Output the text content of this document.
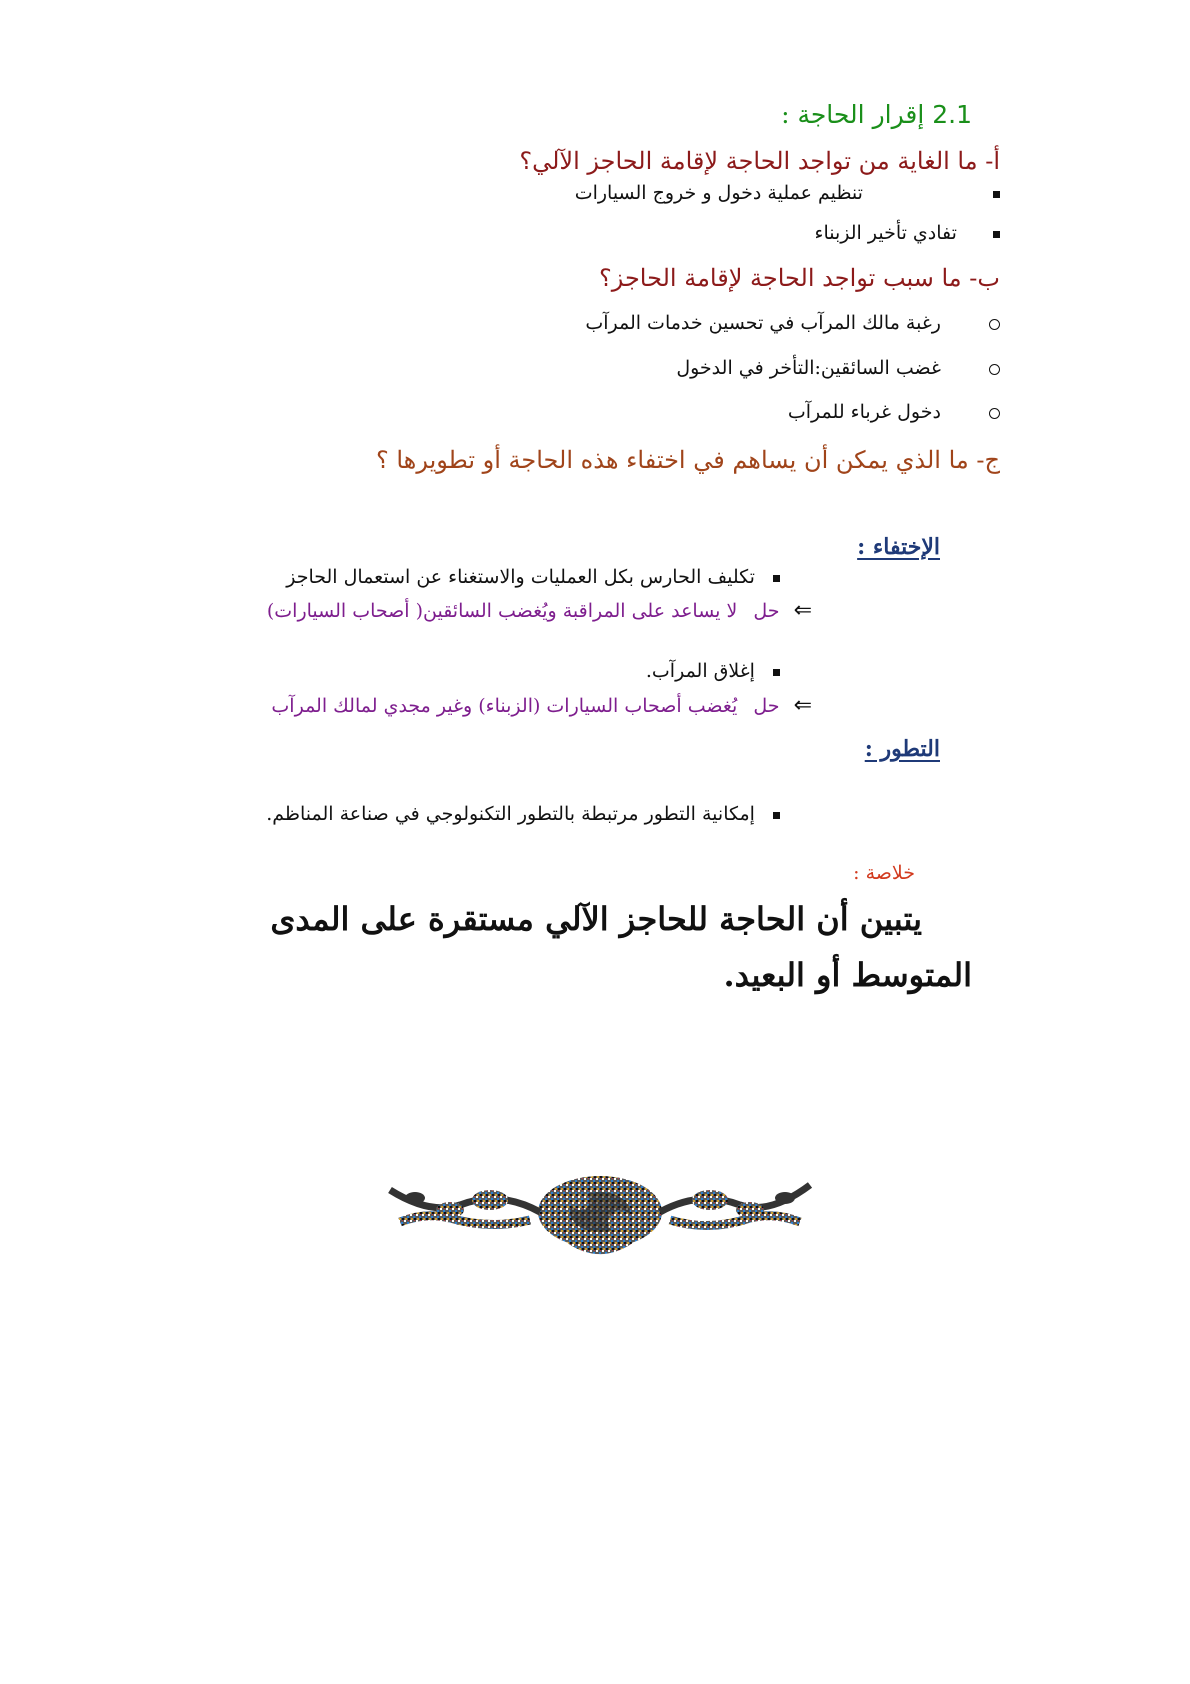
2.1 إقرار الحاجة :
أ- ما الغاية من تواجد الحاجة لإقامة الحاجز الآلي؟
تنظيم عملية دخول و خروج السيارات
تفادي تأخير الزبناء
ب- ما سبب تواجد الحاجة لإقامة الحاجز؟
رغبة مالك المرآب في تحسين خدمات المرآب
غضب السائقين:التأخر في الدخول
دخول غرباء للمرآب
ج- ما الذي يمكن أن يساهم في اختفاء هذه الحاجة أو تطويرها ؟
الإختفاء :
تكليف الحارس بكل العمليات والاستغناء عن استعمال الحاجز
⇐ حل لا يساعد على المراقبة ويُغضب السائقين( أصحاب السيارات)
إغلاق المرآب.
⇐ حل يُغضب أصحاب السيارات (الزبناء) وغير مجدي لمالك المرآب
التطور :
إمكانية التطور مرتبطة بالتطور التكنولوجي في صناعة المناظم.
خلاصة :
يتبين أن الحاجة للحاجز الآلي مستقرة على المدى
المتوسط أو البعيد.
